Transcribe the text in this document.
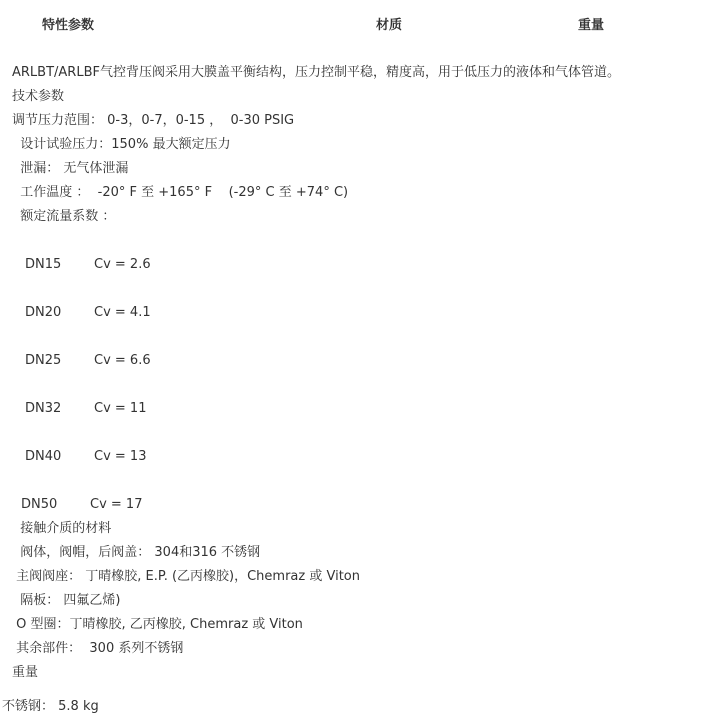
特性参数	材质	重量
ARLBT/ARLBF气控背压阀采用大膜盖平衡结构，压力控制平稳，精度高，用于低压力的液体和气体管道。
技术参数
调节压力范围： 0-3，0-7，0-15 ，  0-30 PSIG
设计试验压力：150% 最大额定压力
泄漏： 无气体泄漏
工作温度 ：  -20° F 至 +165° F    (-29° C 至 +74° C)
额定流量系数 ：
DN15	Cv = 2.6
DN20	Cv = 4.1
DN25	Cv = 6.6
DN32	Cv = 11
DN40	Cv = 13
DN50	Cv = 17
接触介质的材料
阀体，阀帽，后阀盖： 304和316 不锈钢
主阀阀座： 丁晴橡胶, E.P. (乙丙橡胶)，Chemraz 或 Viton
隔板： 四氟乙烯)
O 型圈：丁晴橡胶, 乙丙橡胶, Chemraz 或 Viton
其余部件：  300 系列不锈钢
重量
不锈钢： 5.8 kg
